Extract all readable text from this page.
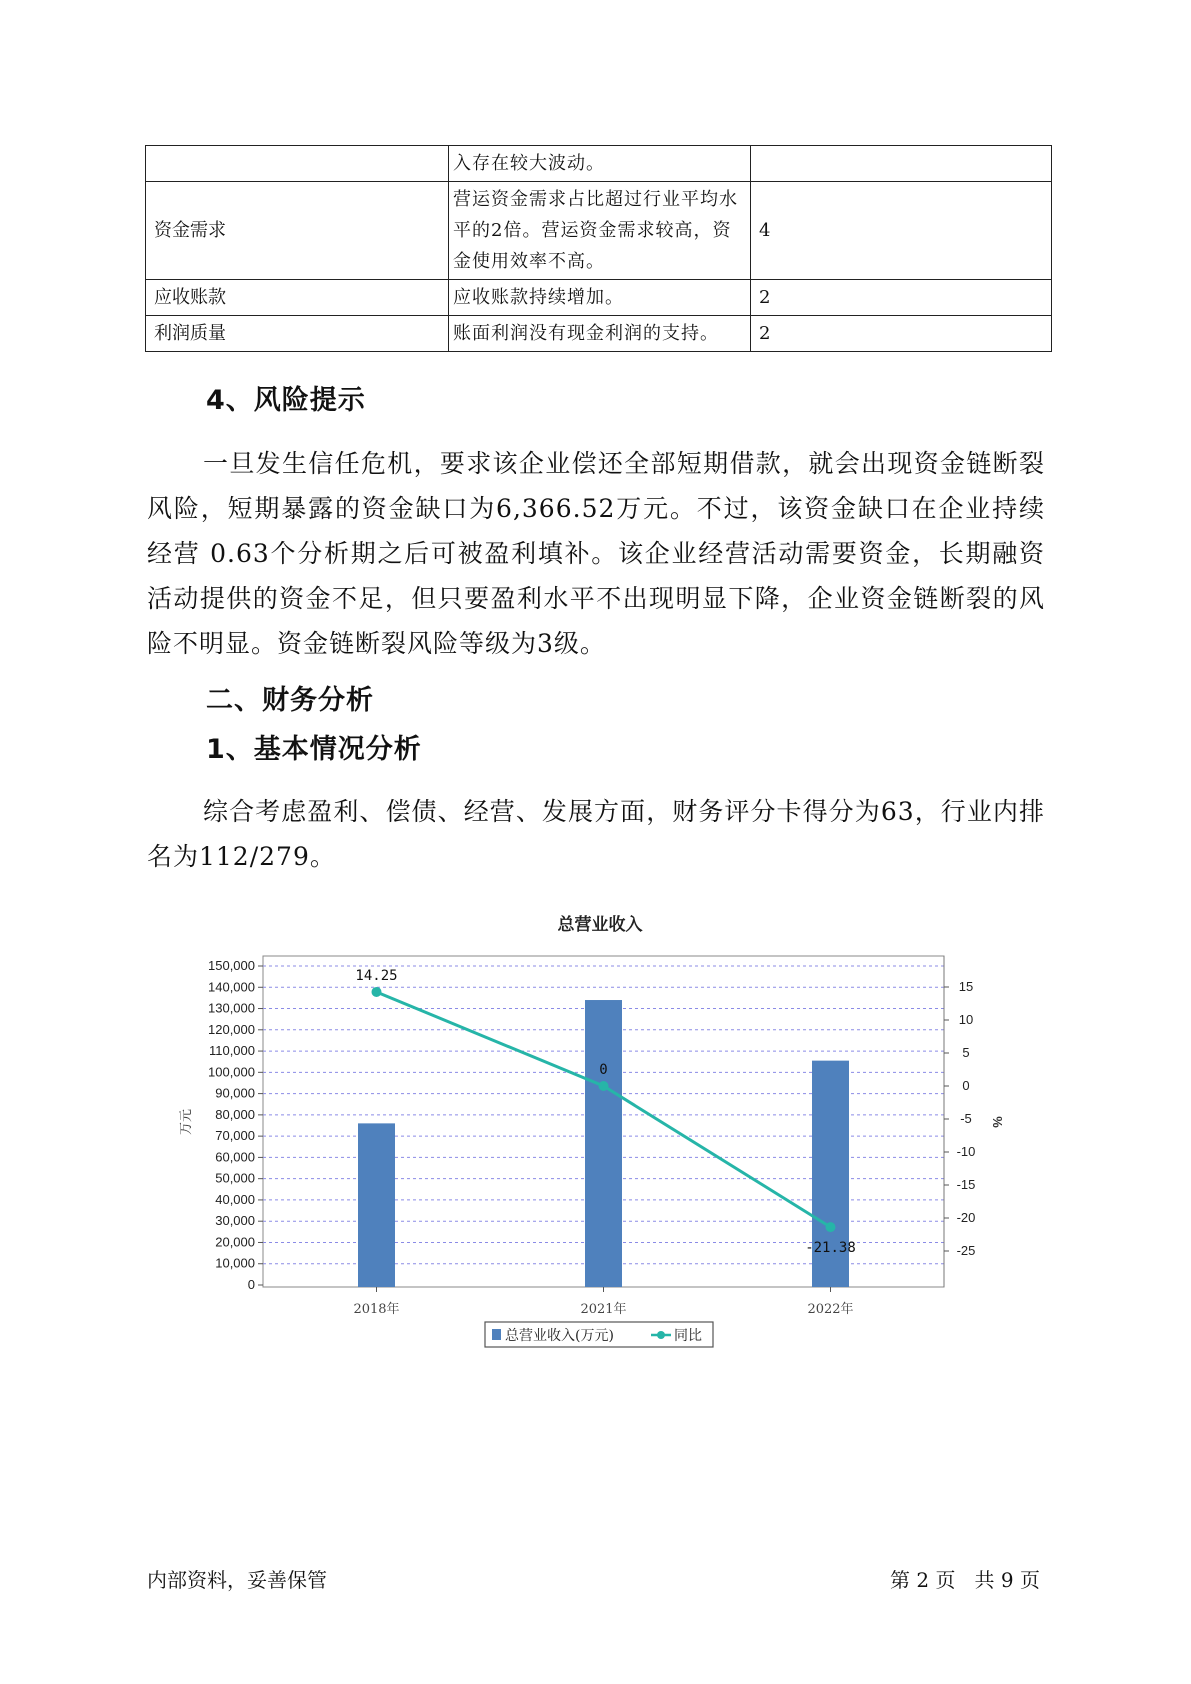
	入存在较大波动。	
资金需求	营运资金需求占比超过行业平均水平的2倍。营运资金需求较高，资金使用效率不高。	4
应收账款	应收账款持续增加。	2
利润质量	账面利润没有现金利润的支持。	2
4、风险提示

一旦发生信任危机，要求该企业偿还全部短期借款，就会出现资金链断裂风险，短期暴露的资金缺口为6,366.52万元。不过，该资金缺口在企业持续经营 0.63个分析期之后可被盈利填补。该企业经营活动需要资金，长期融资活动提供的资金不足，但只要盈利水平不出现明显下降，企业资金链断裂的风险不明显。资金链断裂风险等级为3级。

二、财务分析
1、基本情况分析

综合考虑盈利、偿债、经营、发展方面，财务评分卡得分为63，行业内排名为112/279。

总营业收入
0
10,000
20,000
30,000
40,000
50,000
60,000
70,000
80,000
90,000
100,000
110,000
120,000
130,000
140,000
150,000
15
10
5
0
-5
-10
-15
-20
-25
2018年	2021年	2022年
14.25
0
-21.38
万元	%
总营业收入(万元)	同比
内部资料，妥善保管	第 2 页   共 9 页
